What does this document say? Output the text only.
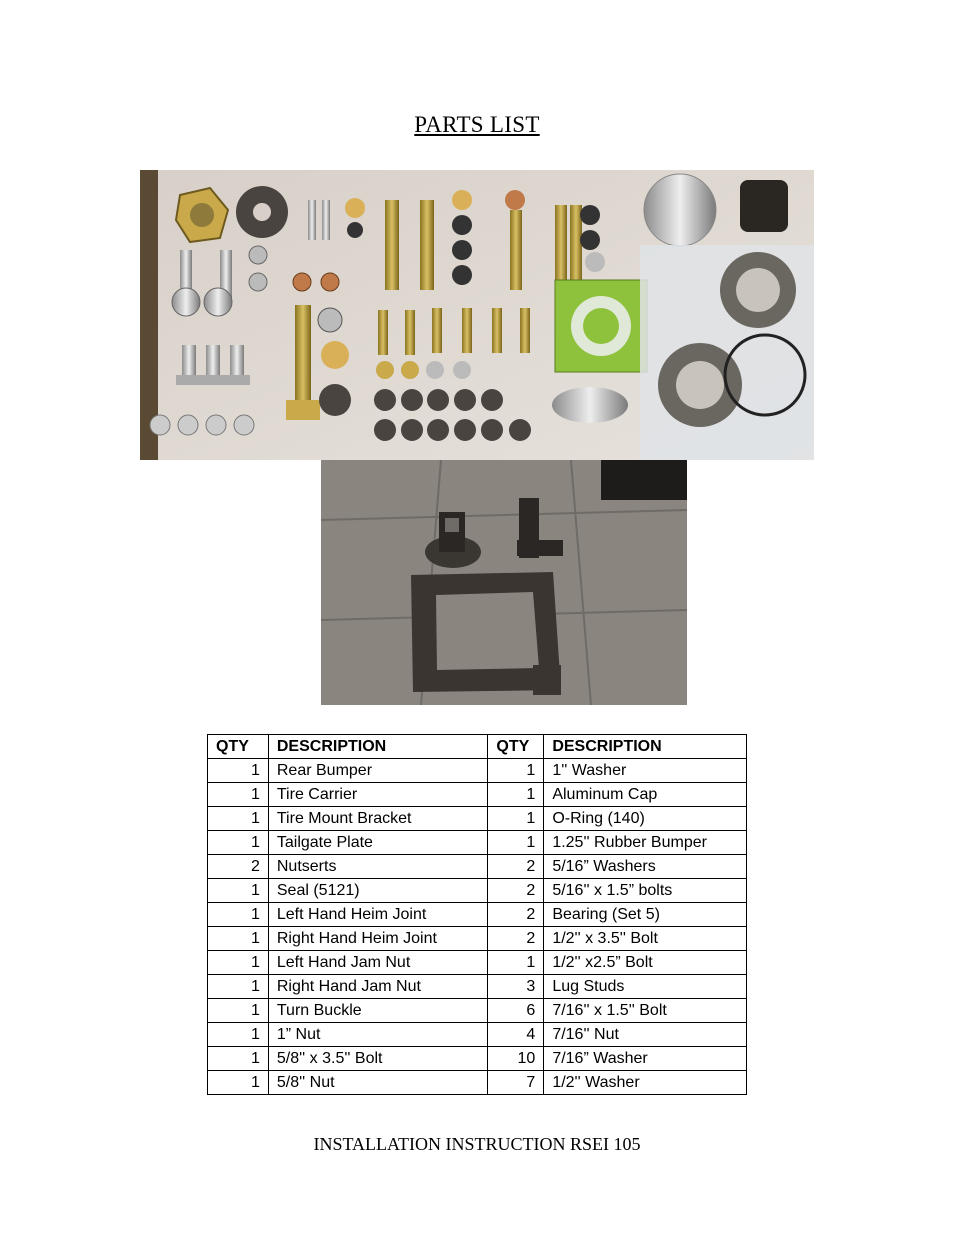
PARTS LIST
QTY	DESCRIPTION	QTY	DESCRIPTION
1	Rear Bumper	1	1'' Washer
1	Tire Carrier	1	Aluminum Cap
1	Tire Mount Bracket	1	O-Ring (140)
1	Tailgate Plate	1	1.25'' Rubber Bumper
2	Nutserts	2	5/16” Washers
1	Seal (5121)	2	5/16'' x 1.5” bolts
1	Left Hand Heim Joint	2	Bearing (Set 5)
1	Right Hand Heim Joint	2	1/2'' x 3.5'' Bolt
1	Left Hand Jam Nut	1	1/2'' x2.5” Bolt
1	Right Hand Jam Nut	3	Lug Studs
1	Turn Buckle	6	7/16'' x 1.5'' Bolt
1	1” Nut	4	7/16'' Nut
1	5/8'' x 3.5'' Bolt	10	7/16” Washer
1	5/8'' Nut	7	1/2'' Washer
INSTALLATION INSTRUCTION RSEI 105
